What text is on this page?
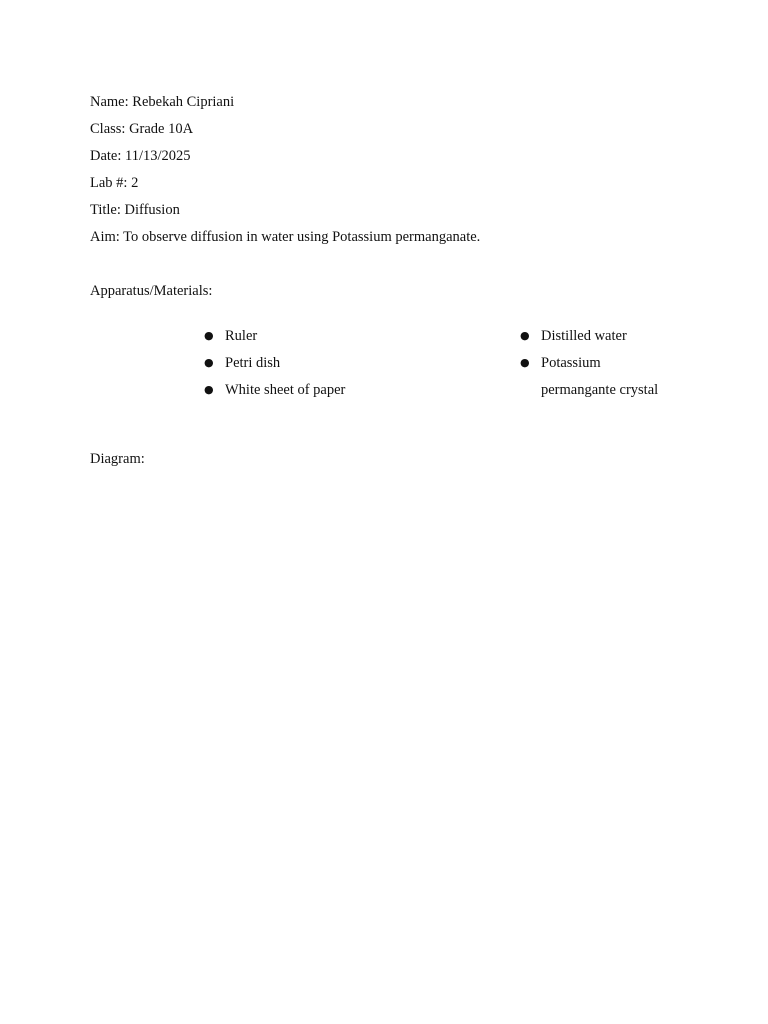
Name: Rebekah Cipriani
Class: Grade 10A
Date: 11/13/2025
Lab #: 2
Title: Diffusion
Aim: To observe diffusion in water using Potassium permanganate.
Apparatus/Materials:
● Ruler
● Petri dish
● White sheet of paper
● Distilled water
● Potassium
permangante crystal
Diagram:
